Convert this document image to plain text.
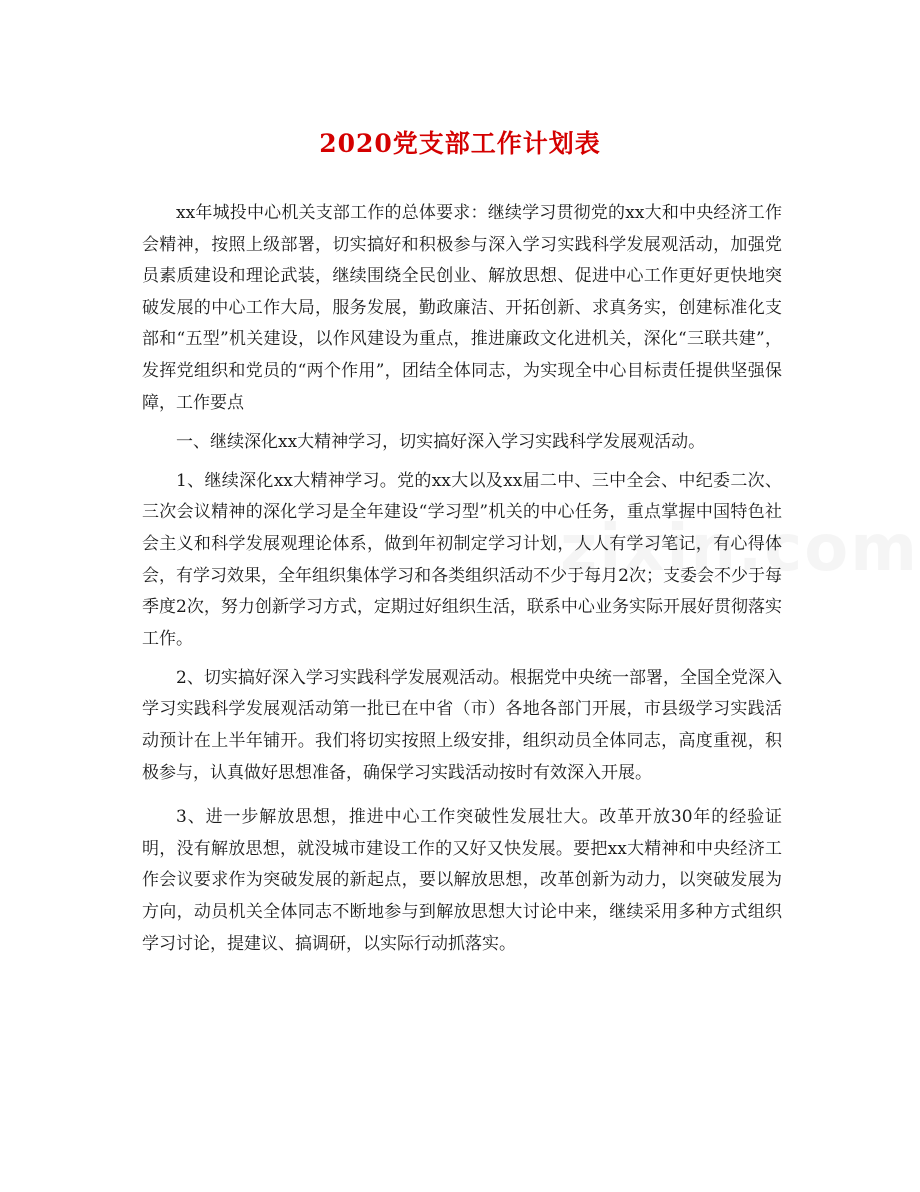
2020党支部工作计划表

xx年城投中心机关支部工作的总体要求：继续学习贯彻党的xx大和中央经济工作会精神，按照上级部署，切实搞好和积极参与深入学习实践科学发展观活动，加强党员素质建设和理论武装，继续围绕全民创业、解放思想、促进中心工作更好更快地突破发展的中心工作大局，服务发展，勤政廉洁、开拓创新、求真务实，创建标准化支部和“五型”机关建设，以作风建设为重点，推进廉政文化进机关，深化“三联共建”，发挥党组织和党员的“两个作用”，团结全体同志，为实现全中心目标责任提供坚强保障，工作要点

一、继续深化xx大精神学习，切实搞好深入学习实践科学发展观活动。

1、继续深化xx大精神学习。党的xx大以及xx届二中、三中全会、中纪委二次、三次会议精神的深化学习是全年建设“学习型”机关的中心任务，重点掌握中国特色社会主义和科学发展观理论体系，做到年初制定学习计划，人人有学习笔记，有心得体会，有学习效果，全年组织集体学习和各类组织活动不少于每月2次；支委会不少于每季度2次，努力创新学习方式，定期过好组织生活，联系中心业务实际开展好贯彻落实工作。

2、切实搞好深入学习实践科学发展观活动。根据党中央统一部署，全国全党深入学习实践科学发展观活动第一批已在中省（市）各地各部门开展，市县级学习实践活动预计在上半年铺开。我们将切实按照上级安排，组织动员全体同志，高度重视，积极参与，认真做好思想准备，确保学习实践活动按时有效深入开展。

3、进一步解放思想，推进中心工作突破性发展壮大。改革开放30年的经验证明，没有解放思想，就没城市建设工作的又好又快发展。要把xx大精神和中央经济工作会议要求作为突破发展的新起点，要以解放思想，改革创新为动力，以突破发展为方向，动员机关全体同志不断地参与到解放思想大讨论中来，继续采用多种方式组织学习讨论，提建议、搞调研，以实际行动抓落实。
